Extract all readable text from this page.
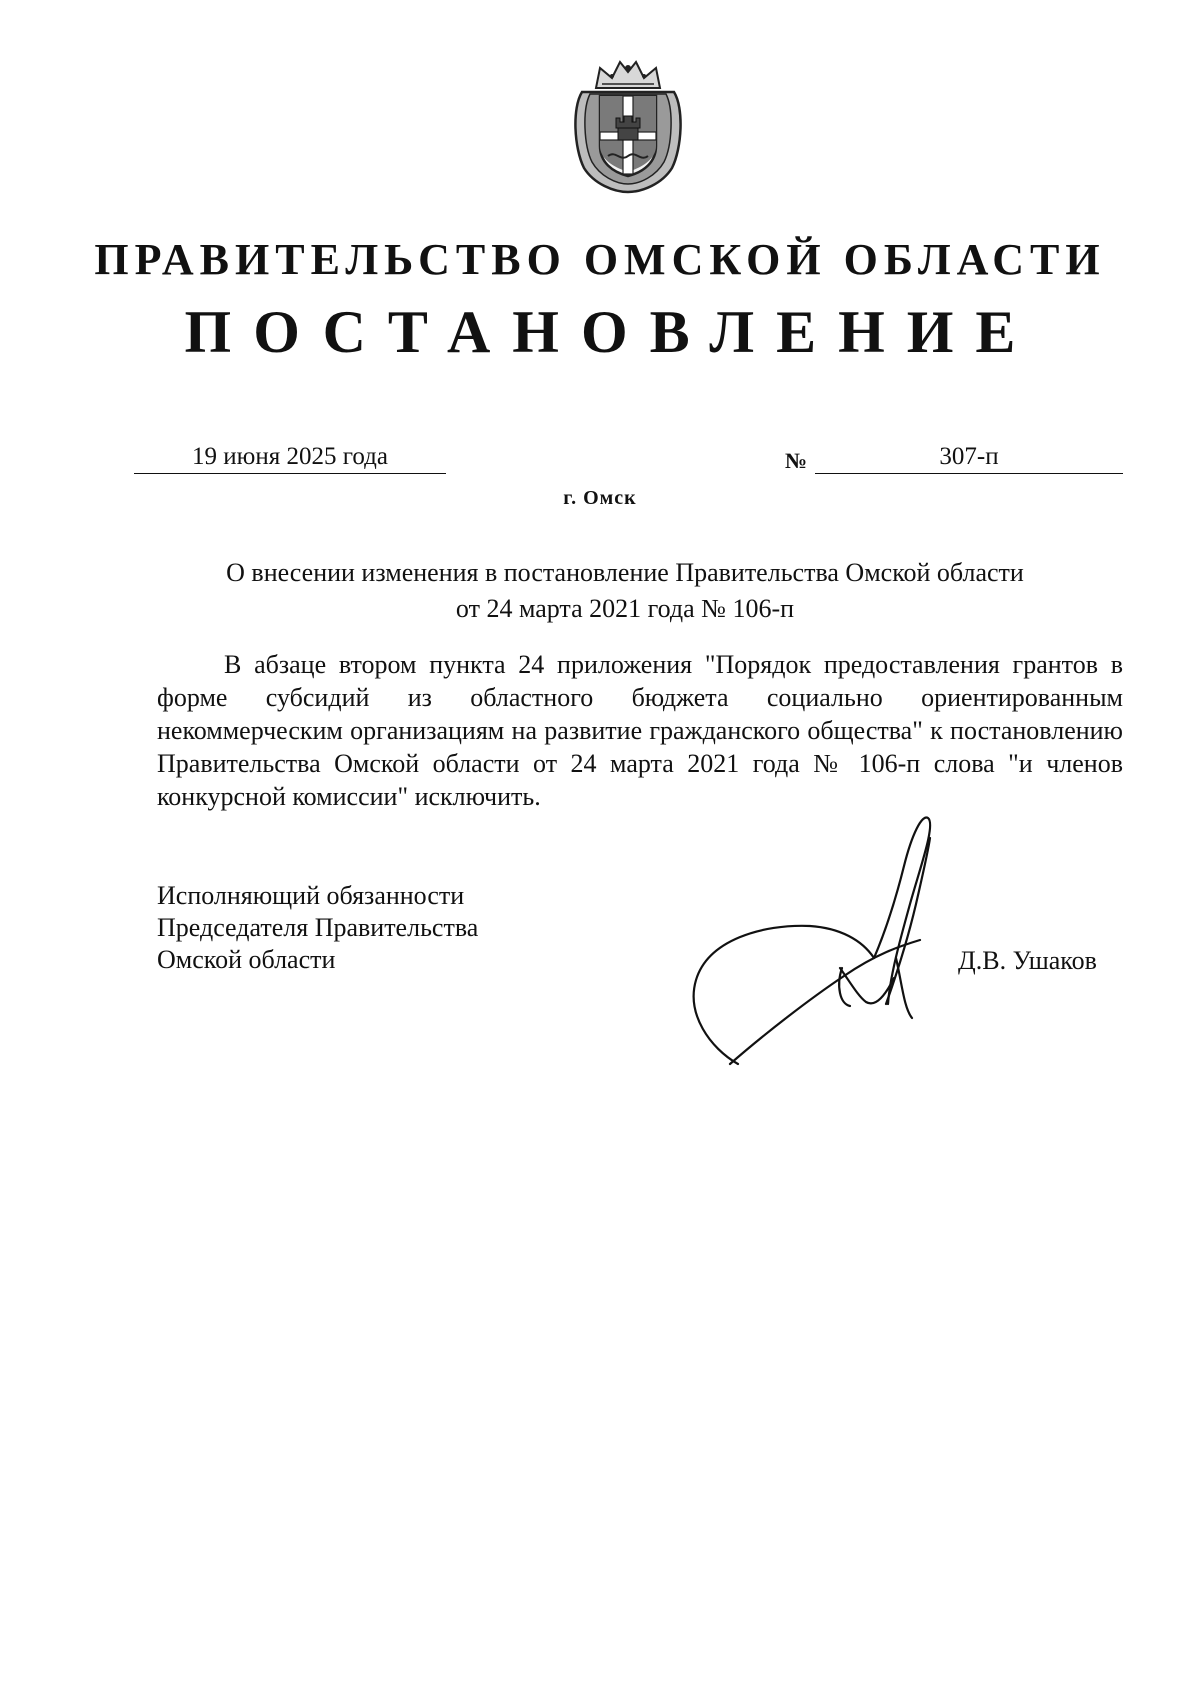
ПРАВИТЕЛЬСТВО ОМСКОЙ ОБЛАСТИ
ПОСТАНОВЛЕНИЕ
19 июня 2025 года	№	307-п
г. Омск
О внесении изменения в постановление Правительства Омской области
от 24 марта 2021 года № 106-п

В абзаце втором пункта 24 приложения "Порядок предоставления грантов в форме субсидий из областного бюджета социально ориентированным некоммерческим организациям на развитие гражданского общества" к постановлению Правительства Омской области от 24 марта 2021 года № 106-п слова "и членов конкурсной комиссии" исключить.

Исполняющий обязанности
Председателя Правительства
Омской области	Д.В. Ушаков
